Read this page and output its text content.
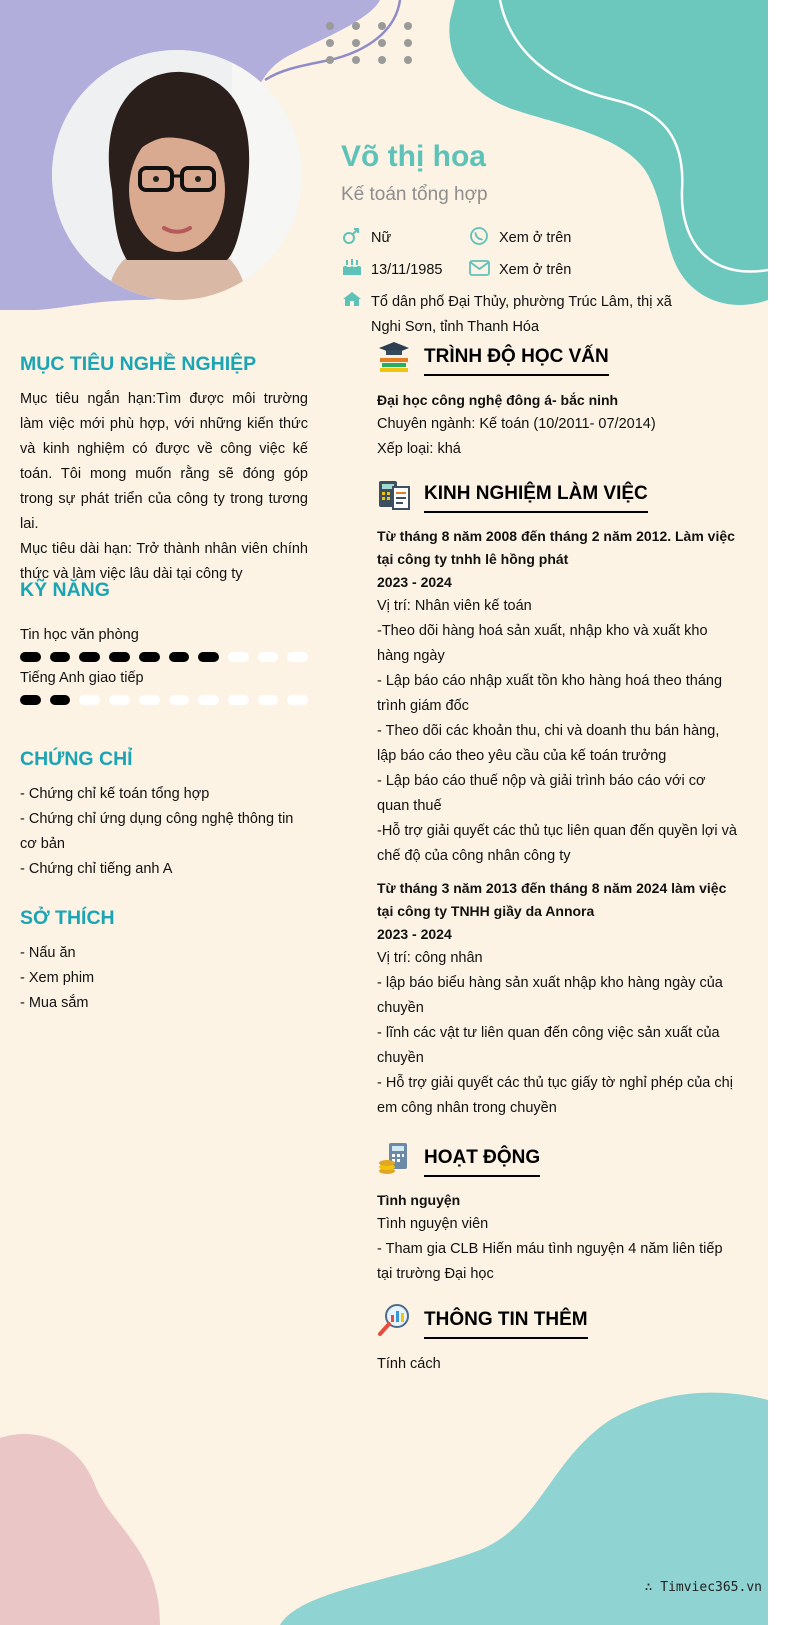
Võ thị hoa
Kế toán tổng hợp
Nữ	Xem ở trên
13/11/1985	Xem ở trên
Tổ dân phố Đại Thủy, phường Trúc Lâm, thị xã
Nghi Sơn, tỉnh Thanh Hóa
MỤC TIÊU NGHỀ NGHIỆP
Mục tiêu ngắn hạn:Tìm được môi trường làm việc mới phù hợp, với những kiến thức và kinh nghiệm có được về công việc kế toán. Tôi mong muốn rằng sẽ đóng góp trong sự phát triển của công ty trong tương lai.
Mục tiêu dài hạn: Trở thành nhân viên chính thức và làm việc lâu dài tại công ty
KỸ NĂNG
Tin học văn phòng
Tiếng Anh giao tiếp
CHỨNG CHỈ
- Chứng chỉ kế toán tổng hợp
- Chứng chỉ ứng dụng công nghệ thông tin cơ bản
- Chứng chỉ tiếng anh A
SỞ THÍCH
- Nấu ăn
- Xem phim
- Mua sắm
TRÌNH ĐỘ HỌC VẤN
Đại học công nghệ đông á- bắc ninh
Chuyên ngành: Kế toán (10/2011- 07/2014)
Xếp loại: khá
KINH NGHIỆM LÀM VIỆC
Từ tháng 8 năm 2008 đến tháng 2 năm 2012. Làm việc tại công ty tnhh lê hồng phát
2023 - 2024
Vị trí: Nhân viên kế toán
-Theo dõi hàng hoá sản xuất, nhập kho và xuất kho hàng ngày
- Lập báo cáo nhập xuất tồn kho hàng hoá theo tháng trình giám đốc
- Theo dõi các khoản thu, chi và doanh thu bán hàng, lập báo cáo theo yêu cầu của kế toán trưởng
- Lập báo cáo thuế nộp và giải trình báo cáo với cơ quan thuế
-Hỗ trợ giải quyết các thủ tục liên quan đến quyền lợi và chế độ của công nhân công ty
Từ tháng 3 năm 2013 đến tháng 8 năm 2024 làm việc tại công ty TNHH giầy da Annora
2023 - 2024
Vị trí: công nhân
- lập báo biểu hàng sản xuất nhập kho hàng ngày của chuyền
- lĩnh các vật tư liên quan đến công việc sản xuất của chuyền
- Hỗ trợ giải quyết các thủ tục giấy tờ nghỉ phép của chị em công nhân trong chuyền
HOẠT ĐỘNG
Tình nguyện
Tình nguyện viên
- Tham gia CLB Hiến máu tình nguyện 4 năm liên tiếp tại trường Đại học
THÔNG TIN THÊM
Tính cách
∴ Timviec365.vn
